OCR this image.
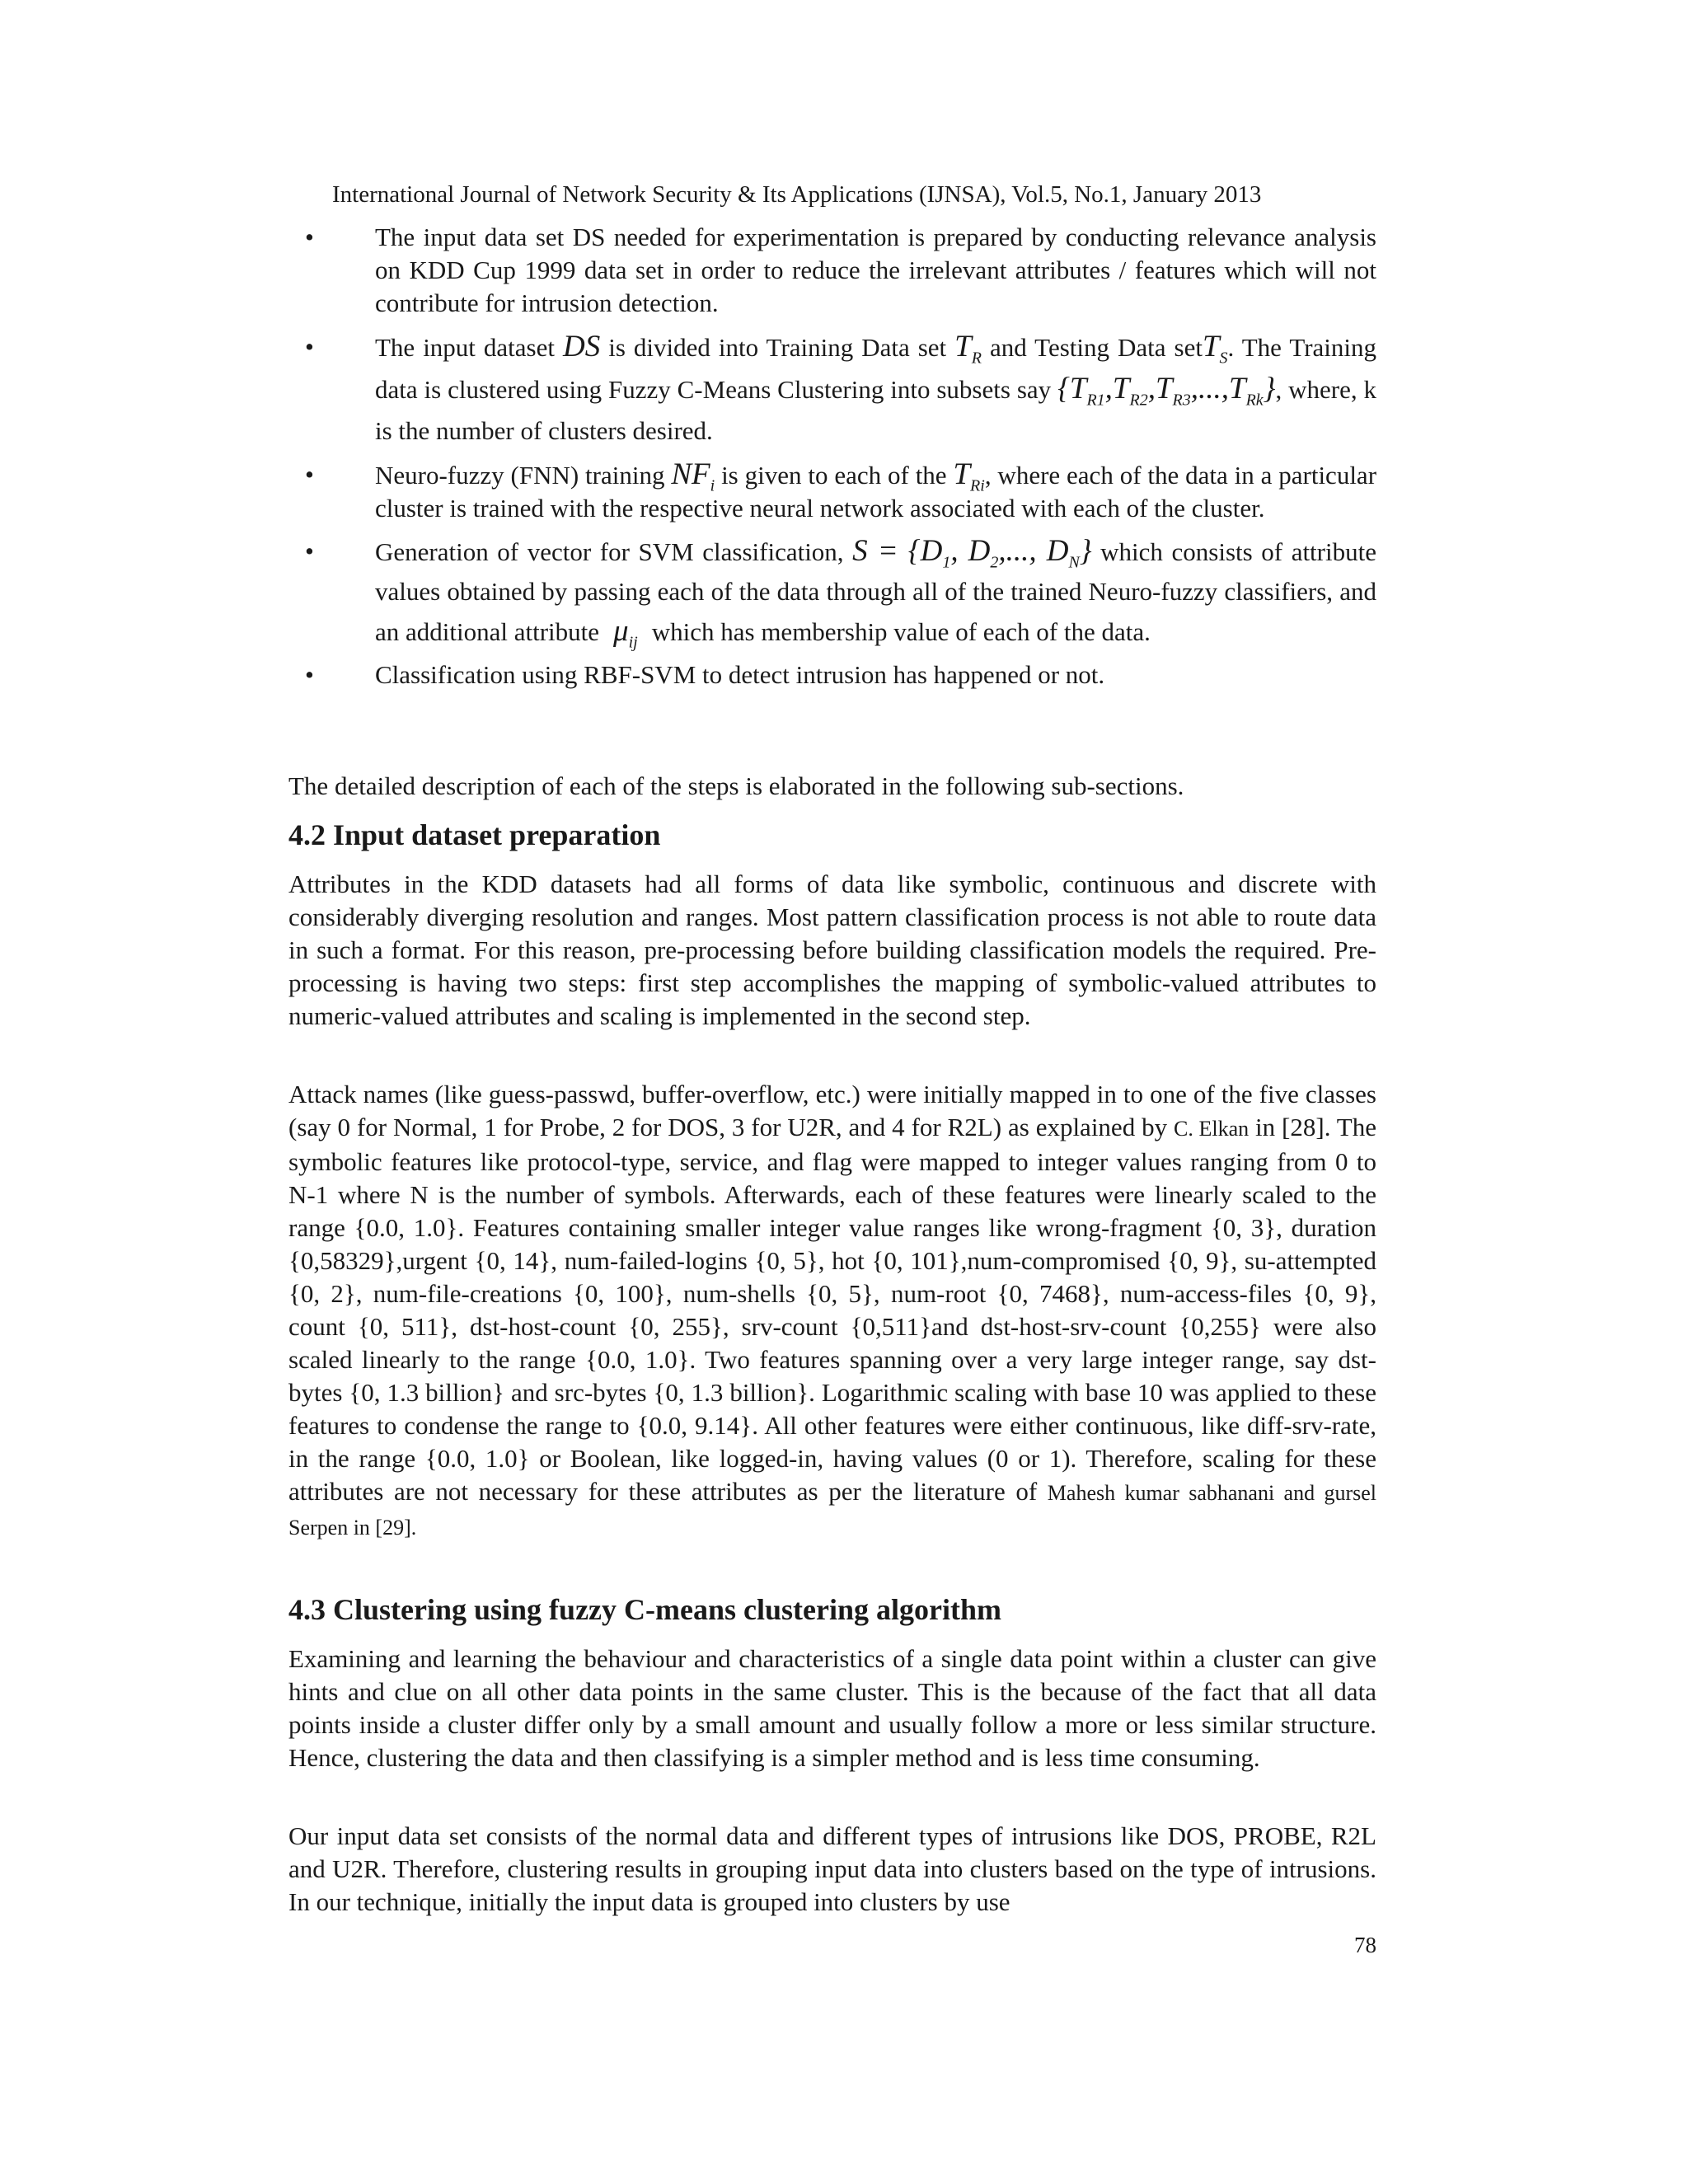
International Journal of Network Security & Its Applications (IJNSA), Vol.5, No.1, January 2013
• The input data set DS needed for experimentation is prepared by conducting relevance analysis on KDD Cup 1999 data set in order to reduce the irrelevant attributes / features which will not contribute for intrusion detection.
• The input dataset DS is divided into Training Data set $T_R$ and Testing Data setT$_S$. The Training data is clustered using Fuzzy C-Means Clustering into subsets say $\{T_{R1},T_{R2},T_{R3},...,T_{Rk}\}$, where, k is the number of clusters desired.
• Neuro-fuzzy (FNN) training $NF_i$ is given to each of the $T_{Ri}$, where each of the data in a particular cluster is trained with the respective neural network associated with each of the cluster.
• Generation of vector for SVM classification, $S = \{D_1$, $D_2$,..., $D_N$} which consists of attribute values obtained by passing each of the data through all of the trained Neuro-fuzzy classifiers, and an additional attribute  $\mu_{ij}$ which has membership value of each of the data.
• Classification using RBF-SVM to detect intrusion has happened or not.

The detailed description of each of the steps is elaborated in the following sub-sections.

4.2 Input dataset preparation

Attributes in the KDD datasets had all forms of data like symbolic, continuous and discrete with considerably diverging resolution and ranges. Most pattern classification process is not able to route data in such a format. For this reason, pre-processing before building classification models the required. Pre-processing is having two steps: first step accomplishes the mapping of symbolic-valued attributes to numeric-valued attributes and scaling is implemented in the second step.

Attack names (like guess-passwd, buffer-overflow, etc.) were initially mapped in to one of the five classes (say 0 for Normal, 1 for Probe, 2 for DOS, 3 for U2R, and 4 for R2L) as explained by C. Elkan in [28]. The symbolic features like protocol-type, service, and flag were mapped to integer values ranging from 0 to N-1 where N is the number of symbols. Afterwards, each of these features were linearly scaled to the range {0.0, 1.0}. Features containing smaller integer value ranges like wrong-fragment {0, 3}, duration {0,58329},urgent {0, 14}, num-failed-logins {0, 5}, hot {0, 101},num-compromised {0, 9}, su-attempted {0, 2}, num-file-creations {0, 100}, num-shells {0, 5}, num-root {0, 7468}, num-access-files {0, 9}, count {0, 511}, dst-host-count {0, 255}, srv-count {0,511}and dst-host-srv-count {0,255} were also scaled linearly to the range {0.0, 1.0}. Two features spanning over a very large integer range, say dst-bytes {0, 1.3 billion} and src-bytes {0, 1.3 billion}. Logarithmic scaling with base 10 was applied to these features to condense the range to {0.0, 9.14}. All other features were either continuous, like diff-srv-rate, in the range {0.0, 1.0} or Boolean, like logged-in, having values (0 or 1). Therefore, scaling for these attributes are not necessary for these attributes as per the literature of Mahesh kumar sabhanani and gursel Serpen in [29].

4.3 Clustering using fuzzy C-means clustering algorithm

Examining and learning the behaviour and characteristics of a single data point within a cluster can give hints and clue on all other data points in the same cluster. This is the because of the fact that all data points inside a cluster differ only by a small amount and usually follow a more or less similar structure. Hence, clustering the data and then classifying is a simpler method and is less time consuming.

Our input data set consists of the normal data and different types of intrusions like DOS, PROBE, R2L and U2R. Therefore, clustering results in grouping input data into clusters based on the type of intrusions. In our technique, initially the input data is grouped into clusters by use

78
